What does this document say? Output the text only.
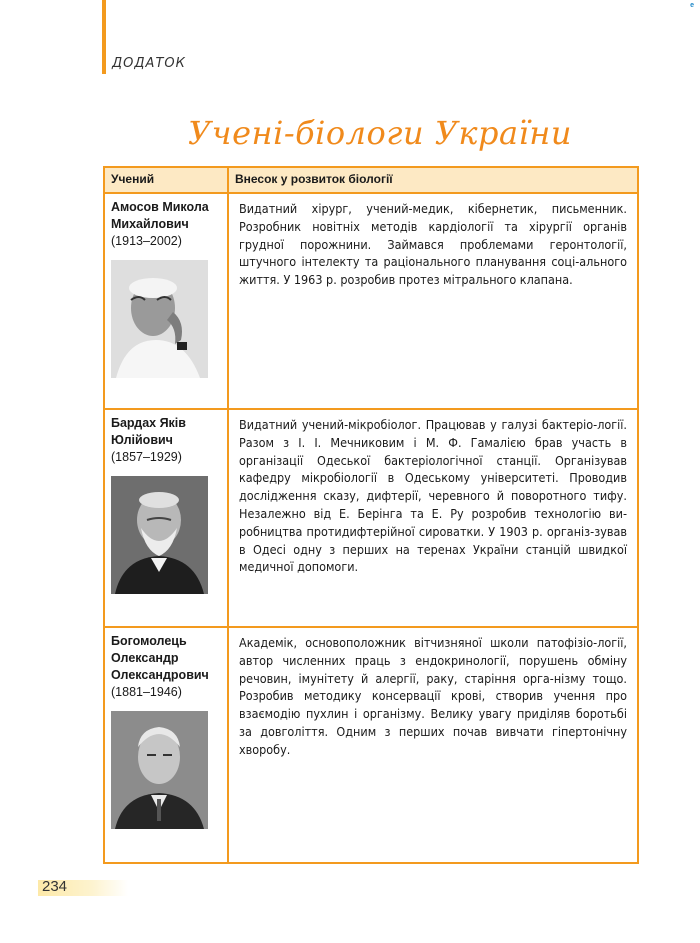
ДОДАТОК
e
Учені-біологи України
Учений	Внесок у розвиток біології

Амосов Микола Михайлович
(1913–2002)	Видатний хірург, учений-медик, кібернетик, письменник. Розробник новітніх методів кардіології та хірургії органів грудної порожнини. Займався проблемами геронтології, штучного інтелекту та раціонального планування соці-ального життя. У 1963 р. розробив протез мітрального клапана.

Бардах Яків Юлійович
(1857–1929)	Видатний учений-мікробіолог. Працював у галузі бактеріо-логії. Разом з І. І. Мечниковим і М. Ф. Гамалією брав участь в організації Одеської бактеріологічної станції. Організував кафедру мікробіології в Одеському університеті. Проводив дослідження сказу, дифтерії, черевного й поворотного тифу. Незалежно від Е. Берінга та Е. Ру розробив технологію ви-робництва протидифтерійної сироватки. У 1903 р. організ-зував в Одесі одну з перших на теренах України станцій швидкої медичної допомоги.

Богомолець Олександр Олександрович
(1881–1946)	Академік, основоположник вітчизняної школи патофізіо-логії, автор численних праць з ендокринології, порушень обміну речовин, імунітету й алергії, раку, старіння орга-нізму тощо. Розробив методику консервації крові, створив учення про взаємодію пухлин і організму. Велику увагу приділяв боротьбі за довголіття. Одним з перших почав вивчати гіпертонічну хворобу.
234
